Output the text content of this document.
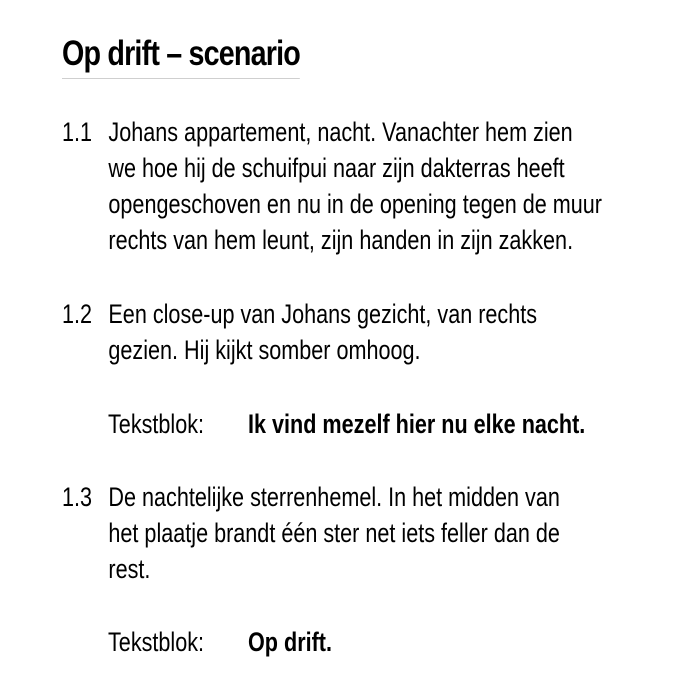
Op drift – scenario
1.1 Johans appartement, nacht. Vanachter hem zien
we hoe hij de schuifpui naar zijn dakterras heeft
opengeschoven en nu in de opening tegen de muur
rechts van hem leunt, zijn handen in zijn zakken.
1.2 Een close-up van Johans gezicht, van rechts
gezien. Hij kijkt somber omhoog.
Tekstblok: Ik vind mezelf hier nu elke nacht.
1.3 De nachtelijke sterrenhemel. In het midden van
het plaatje brandt één ster net iets feller dan de
rest.
Tekstblok: Op drift.
